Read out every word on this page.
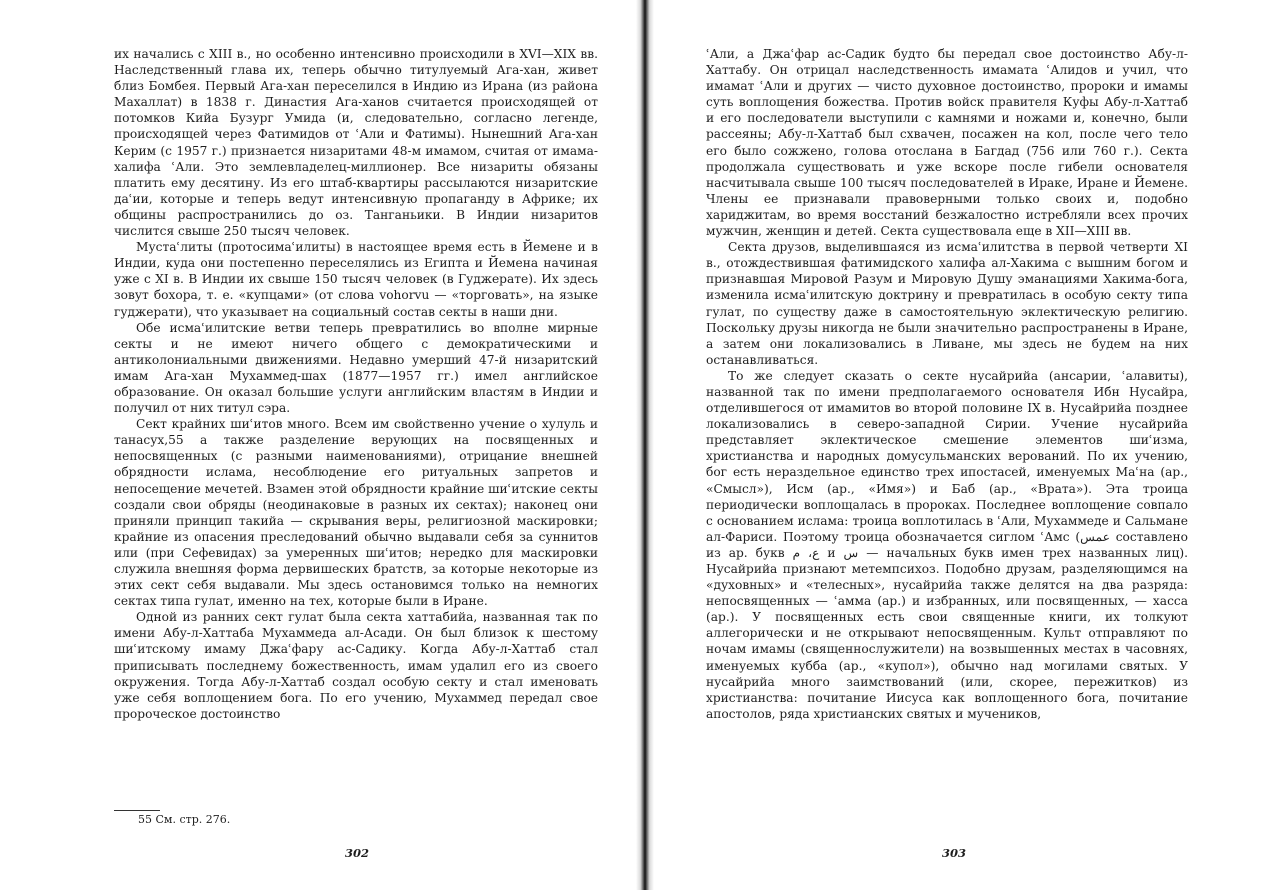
их начались с XIII в., но особенно интенсивно происходили в XVI—XIX вв. Наследственный глава их, теперь обычно титулуемый Ага-хан, живет близ Бомбея. Первый Ага-хан переселился в Индию из Ирана (из района Махаллат) в 1838 г. Династия Ага-ханов считается происходящей от потомков Кийа Бузург Умида (и, следовательно, согласно легенде, происходящей через Фатимидов от ʿАли и Фатимы). Нынешний Ага-хан Керим (с 1957 г.) признается низаритами 48-м имамом, считая от имама-халифа ʿАли. Это землевладелец-миллионер. Все низариты обязаны платить ему десятину. Из его штаб-квартиры рассылаются низаритские даʿии, которые и теперь ведут интенсивную пропаганду в Африке; их общины распространились до оз. Танганьики. В Индии низаритов числится свыше 250 тысяч человек.

Мустаʿлиты (протосимаʿилиты) в настоящее время есть в Йемене и в Индии, куда они постепенно переселялись из Египта и Йемена начиная уже с XI в. В Индии их свыше 150 тысяч человек (в Гуджерате). Их здесь зовут бохора, т. е. «купцами» (от слова vohorvu — «торговать», на языке гуджерати), что указывает на социальный состав секты в наши дни.

Обе исмаʿилитские ветви теперь превратились во вполне мирные секты и не имеют ничего общего с демократическими и антиколониальными движениями. Недавно умерший 47-й низаритский имам Ага-хан Мухаммед-шах (1877—1957 гг.) имел английское образование. Он оказал большие услуги английским властям в Индии и получил от них титул сэра.

Сект крайних шиʿитов много. Всем им свойственно учение о хулуль и танасух,55 а также разделение верующих на посвященных и непосвященных (с разными наименованиями), отрицание внешней обрядности ислама, несоблюдение его ритуальных запретов и непосещение мечетей. Взамен этой обрядности крайние шиʿитские секты создали свои обряды (неодинаковые в разных их сектах); наконец они приняли принцип такийа — скрывания веры, религиозной маскировки; крайние из опасения преследований обычно выдавали себя за суннитов или (при Сефевидах) за умеренных шиʿитов; нередко для маскировки служила внешняя форма дервишеских братств, за которые некоторые из этих сект себя выдавали. Мы здесь остановимся только на немногих сектах типа гулат, именно на тех, которые были в Иране.

Одной из ранних сект гулат была секта хаттабийа, названная так по имени Абу-л-Хаттаба Мухаммеда ал-Асади. Он был близок к шестому шиʿитскому имаму Джаʿфару ас-Садику. Когда Абу-л-Хаттаб стал приписывать последнему божественность, имам удалил его из своего окружения. Тогда Абу-л-Хаттаб создал особую секту и стал именовать уже себя воплощением бога. По его учению, Мухаммед передал свое пророческое достоинство

55 См. стр. 276.

302

ʿАли, а Джаʿфар ас-Садик будто бы передал свое достоинство Абу-л-Хаттабу. Он отрицал наследственность имамата ʿАлидов и учил, что имамат ʿАли и других — чисто духовное достоинство, пророки и имамы суть воплощения божества. Против войск правителя Куфы Абу-л-Хаттаб и его последователи выступили с камнями и ножами и, конечно, были рассеяны; Абу-л-Хаттаб был схвачен, посажен на кол, после чего тело его было сожжено, голова отослана в Багдад (756 или 760 г.). Секта продолжала существовать и уже вскоре после гибели основателя насчитывала свыше 100 тысяч последователей в Ираке, Иране и Йемене. Члены ее признавали правоверными только своих и, подобно хариджитам, во время восстаний безжалостно истребляли всех прочих мужчин, женщин и детей. Секта существовала еще в XII—XIII вв.

Секта друзов, выделившаяся из исмаʿилитства в первой четверти XI в., отождествившая фатимидского халифа ал-Хакима с вышним богом и признавшая Мировой Разум и Мировую Душу эманациями Хакима-бога, изменила исмаʿилитскую доктрину и превратилась в особую секту типа гулат, по существу даже в самостоятельную эклектическую религию. Поскольку друзы никогда не были значительно распространены в Иране, а затем они локализовались в Ливане, мы здесь не будем на них останавливаться.

То же следует сказать о секте нусайрийа (ансарии, ʿалавиты), названной так по имени предполагаемого основателя Ибн Нусайра, отделившегося от имамитов во второй половине IX в. Нусайрийа позднее локализовались в северо-западной Сирии. Учение нусайрийа представляет эклектическое смешение элементов шиʿизма, христианства и народных домусульманских верований. По их учению, бог есть нераздельное единство трех ипостасей, именуемых Маʿна (ар., «Смысл»), Исм (ар., «Имя») и Баб (ар., «Врата»). Эта троица периодически воплощалась в пророках. Последнее воплощение совпало с основанием ислама: троица воплотилась в ʿАли, Мухаммеде и Сальмане ал-Фариси. Поэтому троица обозначается сиглом ʿАмс (عمس составлено из ар. букв ع، م и س — начальных букв имен трех названных лиц). Нусайрийа признают метемпсихоз. Подобно друзам, разделяющимся на «духовных» и «телесных», нусайрийа также делятся на два разряда: непосвященных — ʿамма (ар.) и избранных, или посвященных, — хасса (ар.). У посвященных есть свои священные книги, их толкуют аллегорически и не открывают непосвященным. Культ отправляют по ночам имамы (священнослужители) на возвышенных местах в часовнях, именуемых кубба (ар., «купол»), обычно над могилами святых. У нусайрийа много заимствований (или, скорее, пережитков) из христианства: почитание Иисуса как воплощенного бога, почитание апостолов, ряда христианских святых и мучеников,

303
